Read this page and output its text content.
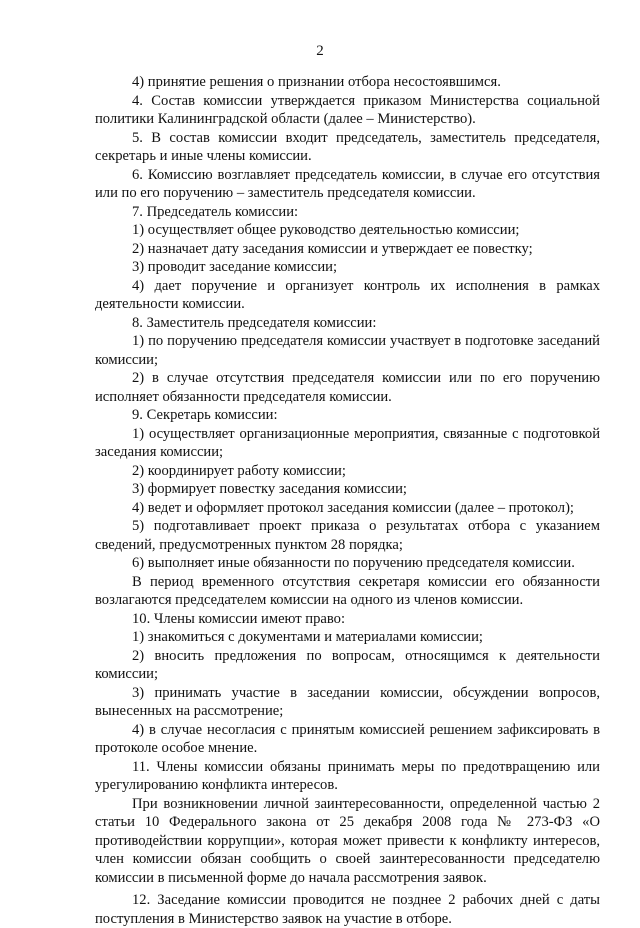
2

4) принятие решения о признании отбора несостоявшимся.

4. Состав комиссии утверждается приказом Министерства социальной политики Калининградской области (далее – Министерство).

5. В состав комиссии входит председатель, заместитель председателя, секретарь и иные члены комиссии.

6. Комиссию возглавляет председатель комиссии, в случае его отсутствия или по его поручению – заместитель председателя комиссии.

7. Председатель комиссии:

1) осуществляет общее руководство деятельностью комиссии;

2) назначает дату заседания комиссии и утверждает ее повестку;

3) проводит заседание комиссии;

4) дает поручение и организует контроль их исполнения в рамках деятельности комиссии.

8. Заместитель председателя комиссии:

1) по поручению председателя комиссии участвует в подготовке заседаний комиссии;

2) в случае отсутствия председателя комиссии или по его поручению исполняет обязанности председателя комиссии.

9. Секретарь комиссии:

1) осуществляет организационные мероприятия, связанные с подготовкой заседания комиссии;

2) координирует работу комиссии;

3) формирует повестку заседания комиссии;

4) ведет и оформляет протокол заседания комиссии (далее – протокол);

5) подготавливает проект приказа о результатах отбора с указанием сведений, предусмотренных пунктом 28 порядка;

6) выполняет иные обязанности по поручению председателя комиссии.

В период временного отсутствия секретаря комиссии его обязанности возлагаются председателем комиссии на одного из членов комиссии.

10. Члены комиссии имеют право:

1) знакомиться с документами и материалами комиссии;

2) вносить предложения по вопросам, относящимся к деятельности комиссии;

3) принимать участие в заседании комиссии, обсуждении вопросов, вынесенных на рассмотрение;

4) в случае несогласия с принятым комиссией решением зафиксировать в протоколе особое мнение.

11. Члены комиссии обязаны принимать меры по предотвращению или урегулированию конфликта интересов.

При возникновении личной заинтересованности, определенной частью 2 статьи 10 Федерального закона от 25 декабря 2008 года № 273-ФЗ «О противодействии коррупции», которая может привести к конфликту интересов, член комиссии обязан сообщить о своей заинтересованности председателю комиссии в письменной форме до начала рассмотрения заявок.

12. Заседание комиссии проводится не позднее 2 рабочих дней с даты поступления в Министерство заявок на участие в отборе.
